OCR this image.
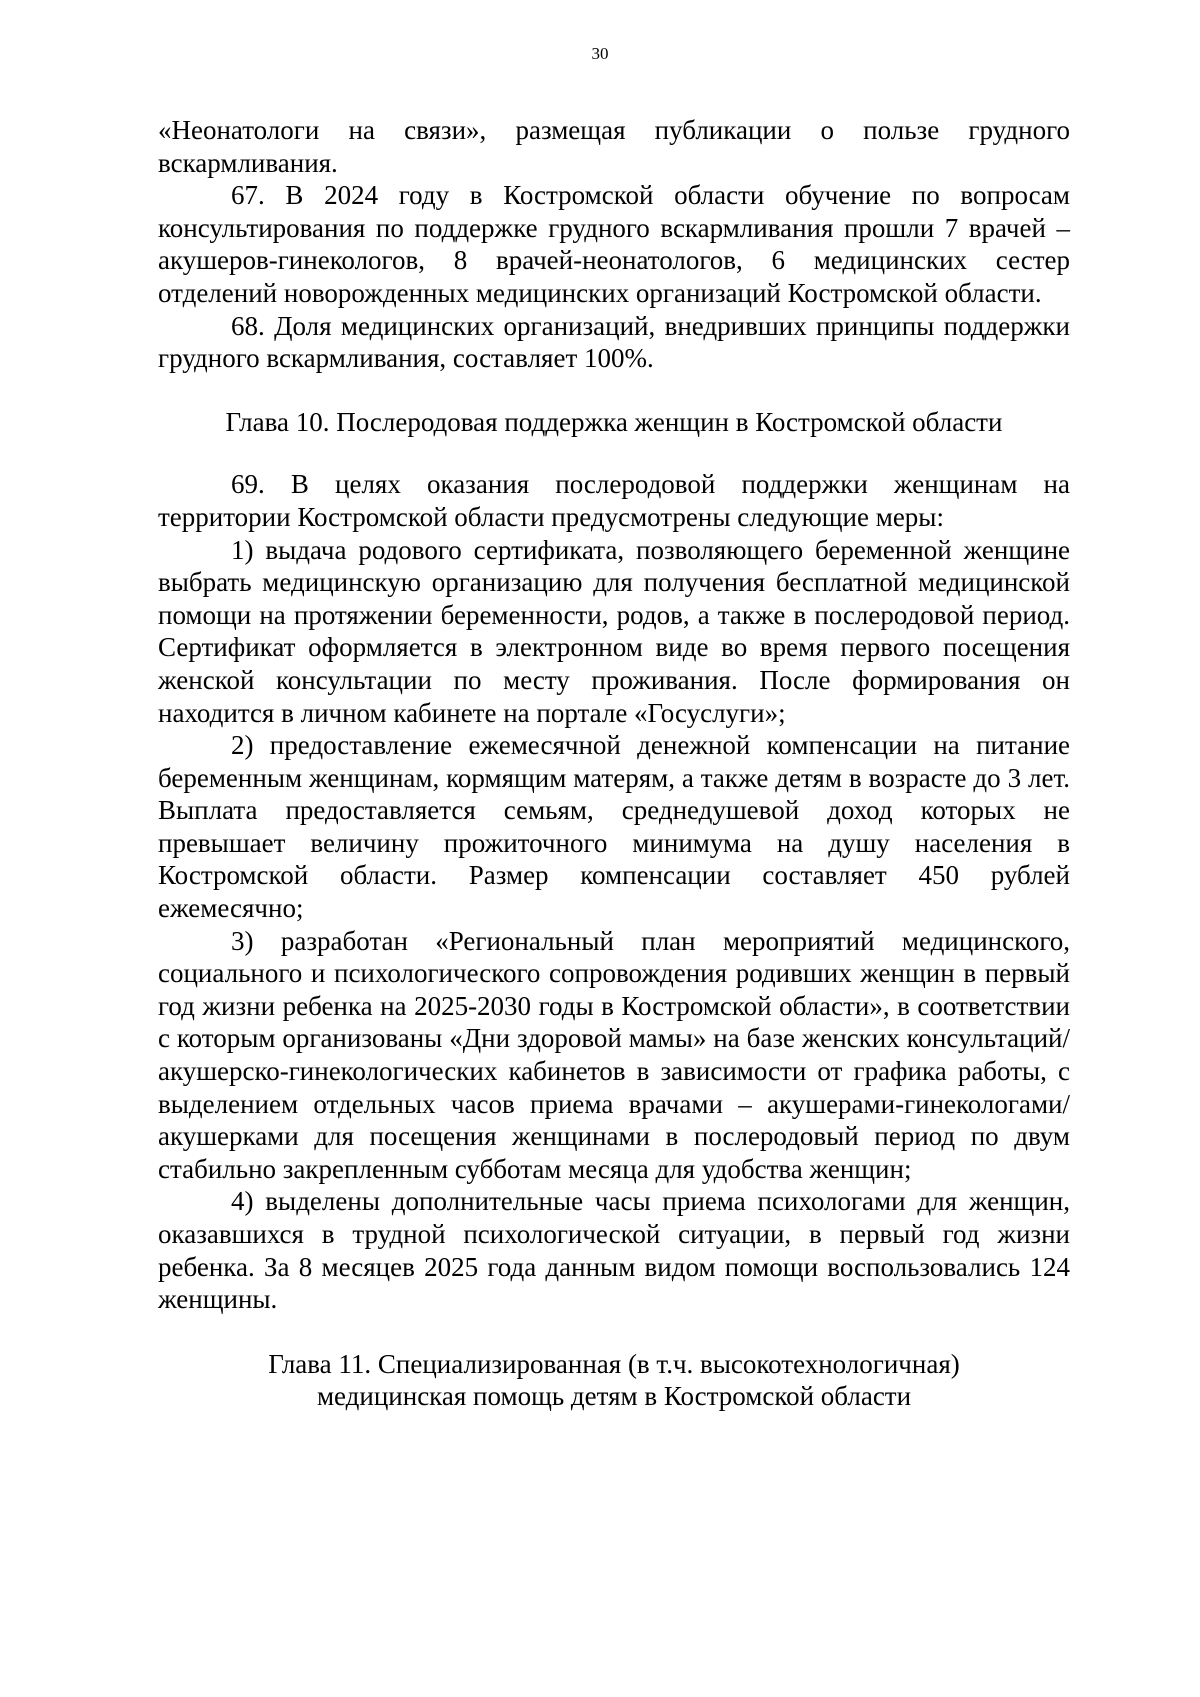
30

«Неонатологи на связи», размещая публикации о пользе грудного вскармливания.

67. В 2024 году в Костромской области обучение по вопросам консультирования по поддержке грудного вскармливания прошли 7 врачей – акушеров-гинекологов, 8 врачей-неонатологов, 6 медицинских сестер отделений новорожденных медицинских организаций Костромской области.

68. Доля медицинских организаций, внедривших принципы поддержки грудного вскармливания, составляет 100%.

Глава 10. Послеродовая поддержка женщин в Костромской области

69. В целях оказания послеродовой поддержки женщинам на территории Костромской области предусмотрены следующие меры:

1) выдача родового сертификата, позволяющего беременной женщине выбрать медицинскую организацию для получения бесплатной медицинской помощи на протяжении беременности, родов, а также в послеродовой период. Сертификат оформляется в электронном виде во время первого посещения женской консультации по месту проживания. После формирования он находится в личном кабинете на портале «Госуслуги»;

2) предоставление ежемесячной денежной компенсации на питание беременным женщинам, кормящим матерям, а также детям в возрасте до 3 лет. Выплата предоставляется семьям, среднедушевой доход которых не превышает величину прожиточного минимума на душу населения в Костромской области. Размер компенсации составляет 450 рублей ежемесячно;

3) разработан «Региональный план мероприятий медицинского, социального и психологического сопровождения родивших женщин в первый год жизни ребенка на 2025-2030 годы в Костромской области», в соответствии с которым организованы «Дни здоровой мамы» на базе женских консультаций/акушерско-гинекологических кабинетов в зависимости от графика работы, с выделением отдельных часов приема врачами – акушерами-гинекологами/акушерками для посещения женщинами в послеродовый период по двум стабильно закрепленным субботам месяца для удобства женщин;

4) выделены дополнительные часы приема психологами для женщин, оказавшихся в трудной психологической ситуации, в первый год жизни ребенка. За 8 месяцев 2025 года данным видом помощи воспользовались 124 женщины.

Глава 11. Специализированная (в т.ч. высокотехнологичная)
медицинская помощь детям в Костромской области
